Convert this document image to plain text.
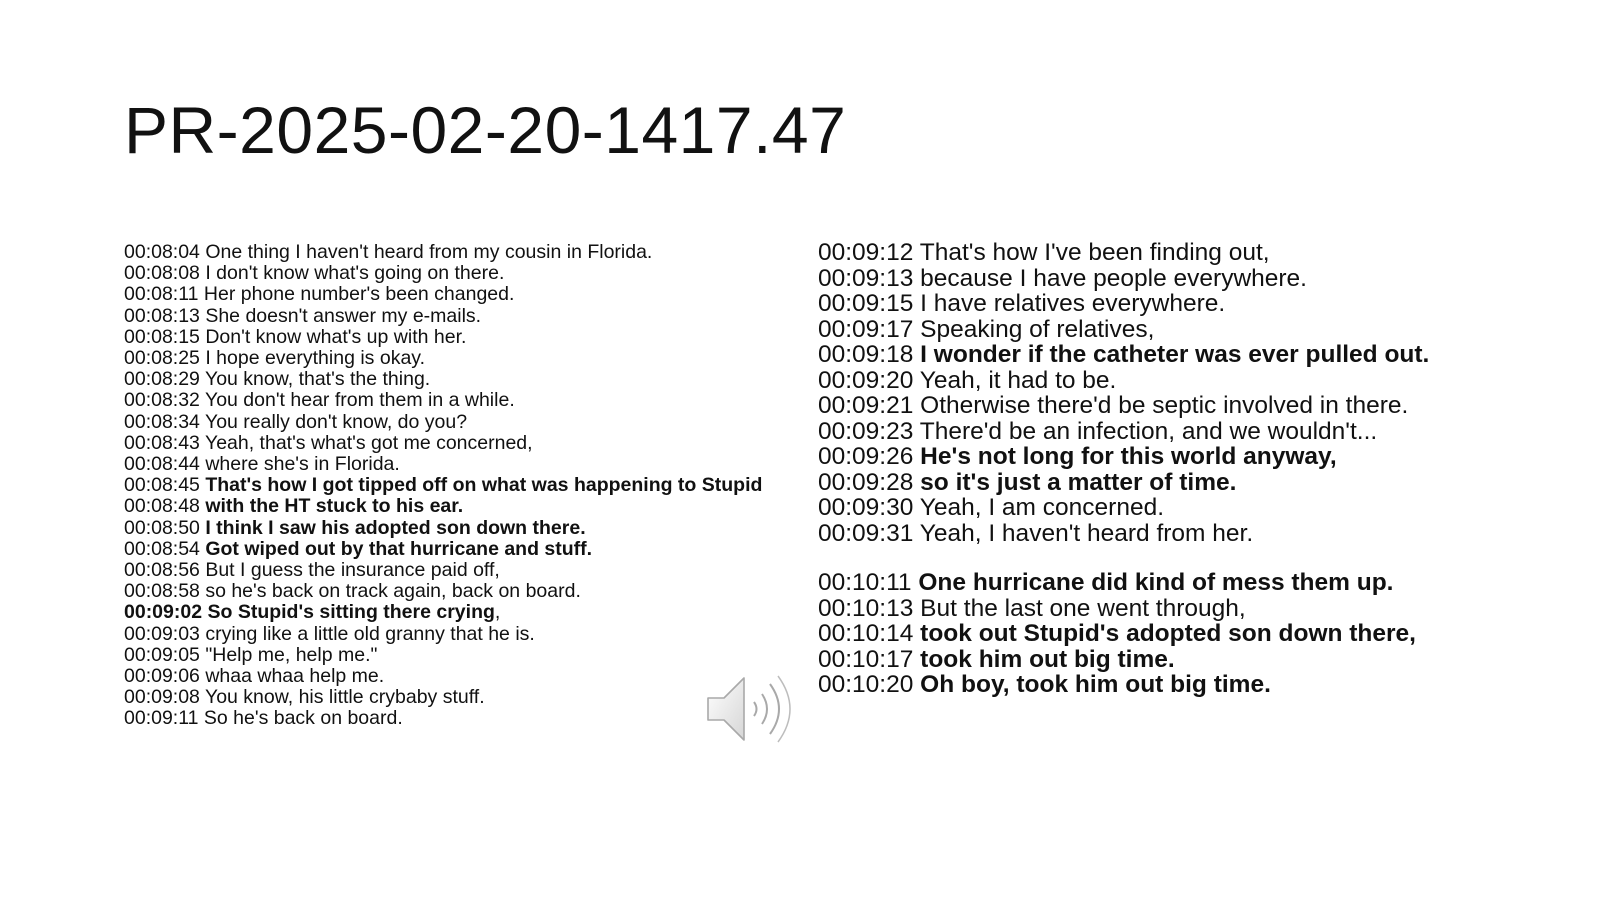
PR-2025-02-20-1417.47
00:08:04 One thing I haven't heard from my cousin in Florida.
00:08:08 I don't know what's going on there.
00:08:11 Her phone number's been changed.
00:08:13 She doesn't answer my e-mails.
00:08:15 Don't know what's up with her.
00:08:25 I hope everything is okay.
00:08:29 You know, that's the thing.
00:08:32 You don't hear from them in a while.
00:08:34 You really don't know, do you?
00:08:43 Yeah, that's what's got me concerned,
00:08:44 where she's in Florida.
00:08:45 That's how I got tipped off on what was happening to Stupid
00:08:48 with the HT stuck to his ear.
00:08:50 I think I saw his adopted son down there.
00:08:54 Got wiped out by that hurricane and stuff.
00:08:56 But I guess the insurance paid off,
00:08:58 so he's back on track again, back on board.
00:09:02 So Stupid's sitting there crying,
00:09:03 crying like a little old granny that he is.
00:09:05 "Help me, help me."
00:09:06 whaa whaa help me.
00:09:08 You know, his little crybaby stuff.
00:09:11 So he's back on board.
00:09:12 That's how I've been finding out,
00:09:13 because I have people everywhere.
00:09:15 I have relatives everywhere.
00:09:17 Speaking of relatives,
00:09:18 I wonder if the catheter was ever pulled out.
00:09:20 Yeah, it had to be.
00:09:21 Otherwise there'd be septic involved in there.
00:09:23 There'd be an infection, and we wouldn't...
00:09:26 He's not long for this world anyway,
00:09:28 so it's just a matter of time.
00:09:30 Yeah, I am concerned.
00:09:31 Yeah, I haven't heard from her.
00:10:11 One hurricane did kind of mess them up.
00:10:13 But the last one went through,
00:10:14 took out Stupid's adopted son down there,
00:10:17 took him out big time.
00:10:20 Oh boy, took him out big time.
